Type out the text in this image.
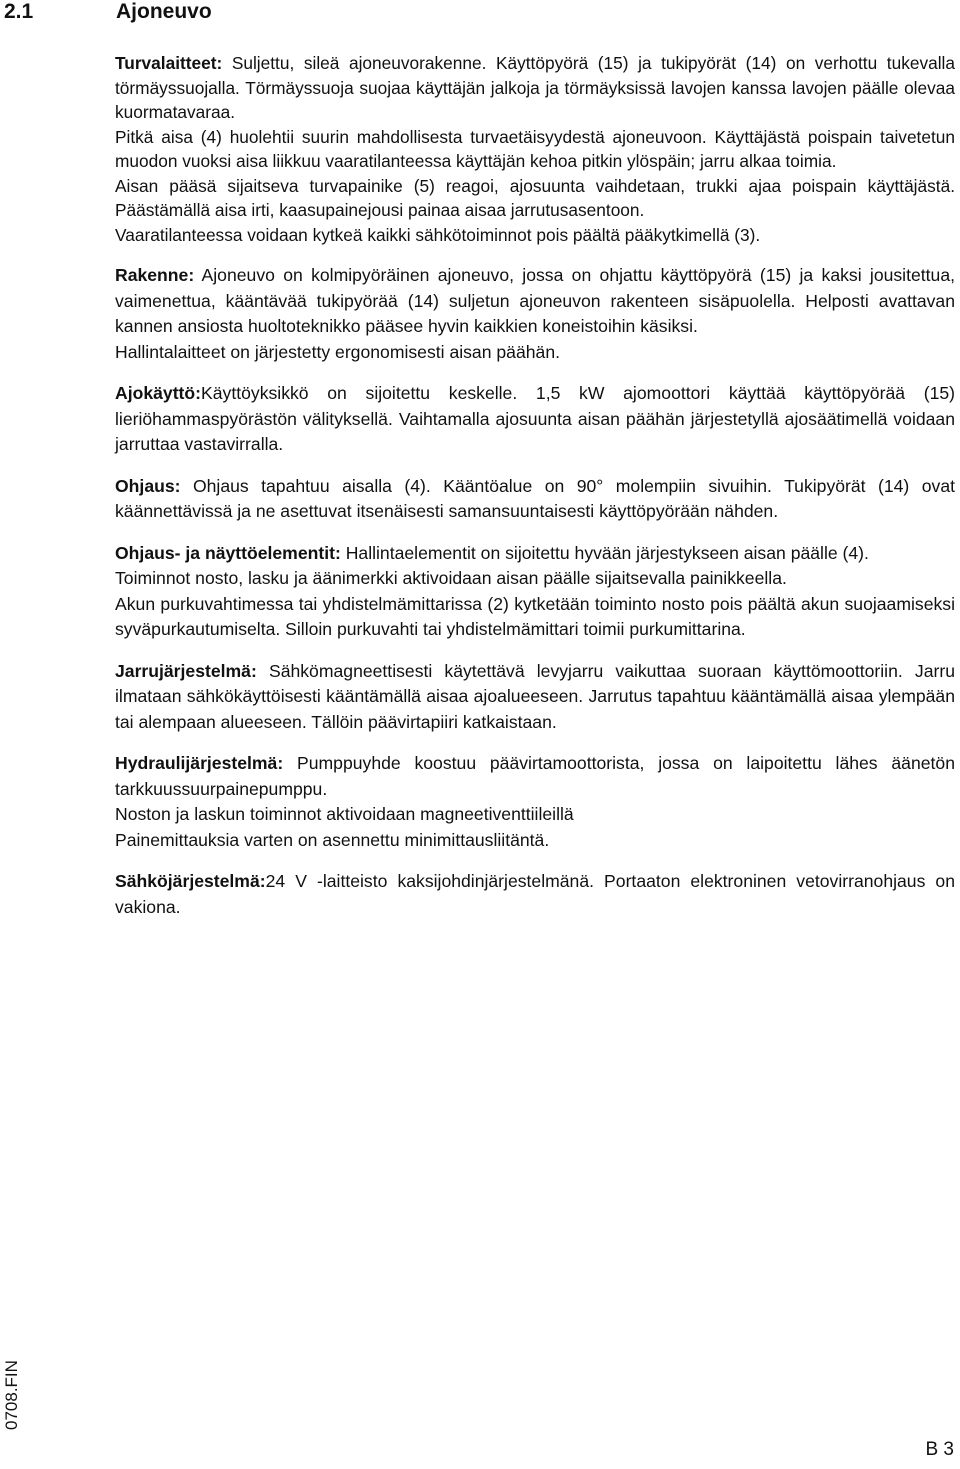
2.1	Ajoneuvo

Turvalaitteet: Suljettu, sileä ajoneuvorakenne. Käyttöpyörä (15) ja tukipyörät (14) on verhottu tukevalla törmäyssuojalla. Törmäyssuoja suojaa käyttäjän jalkoja ja törmäyksissä lavojen kanssa lavojen päälle olevaa kuormatavaraa.

Pitkä aisa (4) huolehtii suurin mahdollisesta turvaetäisyydestä ajoneuvoon. Käyttäjästä poispain taivetetun muodon vuoksi aisa liikkuu vaaratilanteessa käyttäjän kehoa pitkin ylöspäin; jarru alkaa toimia.

Aisan pääsä sijaitseva turvapainike (5) reagoi, ajosuunta vaihdetaan, trukki ajaa poispain käyttäjästä. Päästämällä aisa irti, kaasupainejousi painaa aisaa jarrutusasentoon.

Vaaratilanteessa voidaan kytkeä kaikki sähkötoiminnot pois päältä pääkytkimellä (3).

Rakenne: Ajoneuvo on kolmipyöräinen ajoneuvo, jossa on ohjattu käyttöpyörä (15) ja kaksi jousitettua, vaimenettua, kääntävää tukipyörää (14) suljetun ajoneuvon rakenteen sisäpuolella. Helposti avattavan kannen ansiosta huoltoteknikko pääsee hyvin kaikkien koneistoihin käsiksi.

Hallintalaitteet on järjestetty ergonomisesti aisan päähän.

Ajokäyttö:Käyttöyksikkö on sijoitettu keskelle. 1,5 kW ajomoottori käyttää käyttöpyörää (15) lieriöhammaspyörästön välityksellä. Vaihtamalla ajosuunta aisan päähän järjestetyllä ajosäätimellä voidaan jarruttaa vastavirralla.

Ohjaus: Ohjaus tapahtuu aisalla (4). Kääntöalue on 90° molempiin sivuihin. Tukipyörät (14) ovat käännettävissä ja ne asettuvat itsenäisesti samansuuntaisesti käyttöpyörään nähden.

Ohjaus- ja näyttöelementit: Hallintaelementit on sijoitettu hyvään järjestykseen aisan päälle (4).

Toiminnot nosto, lasku ja äänimerkki aktivoidaan aisan päälle sijaitsevalla painikkeella.

Akun purkuvahtimessa tai yhdistelmämittarissa (2) kytketään toiminto nosto pois päältä akun suojaamiseksi syväpurkautumiselta. Silloin purkuvahti tai yhdistelmämittari toimii purkumittarina.

Jarrujärjestelmä: Sähkömagneettisesti käytettävä levyjarru vaikuttaa suoraan käyttömoottoriin. Jarru ilmataan sähkökäyttöisesti kääntämällä aisaa ajoalueeseen. Jarrutus tapahtuu kääntämällä aisaa ylempään tai alempaan alueeseen. Tällöin päävirtapiiri katkaistaan.

Hydraulijärjestelmä: Pumppuyhde koostuu päävirtamoottorista, jossa on laipoitettu lähes äänetön tarkkuussuurpainepumppu.

Noston ja laskun toiminnot aktivoidaan magneetiventtiileillä

Painemittauksia varten on asennettu minimittausliitäntä.

Sähköjärjestelmä:24 V -laitteisto kaksijohdinjärjestelmänä. Portaaton elektroninen vetovirranohjaus on vakiona.

0708.FIN
B 3
